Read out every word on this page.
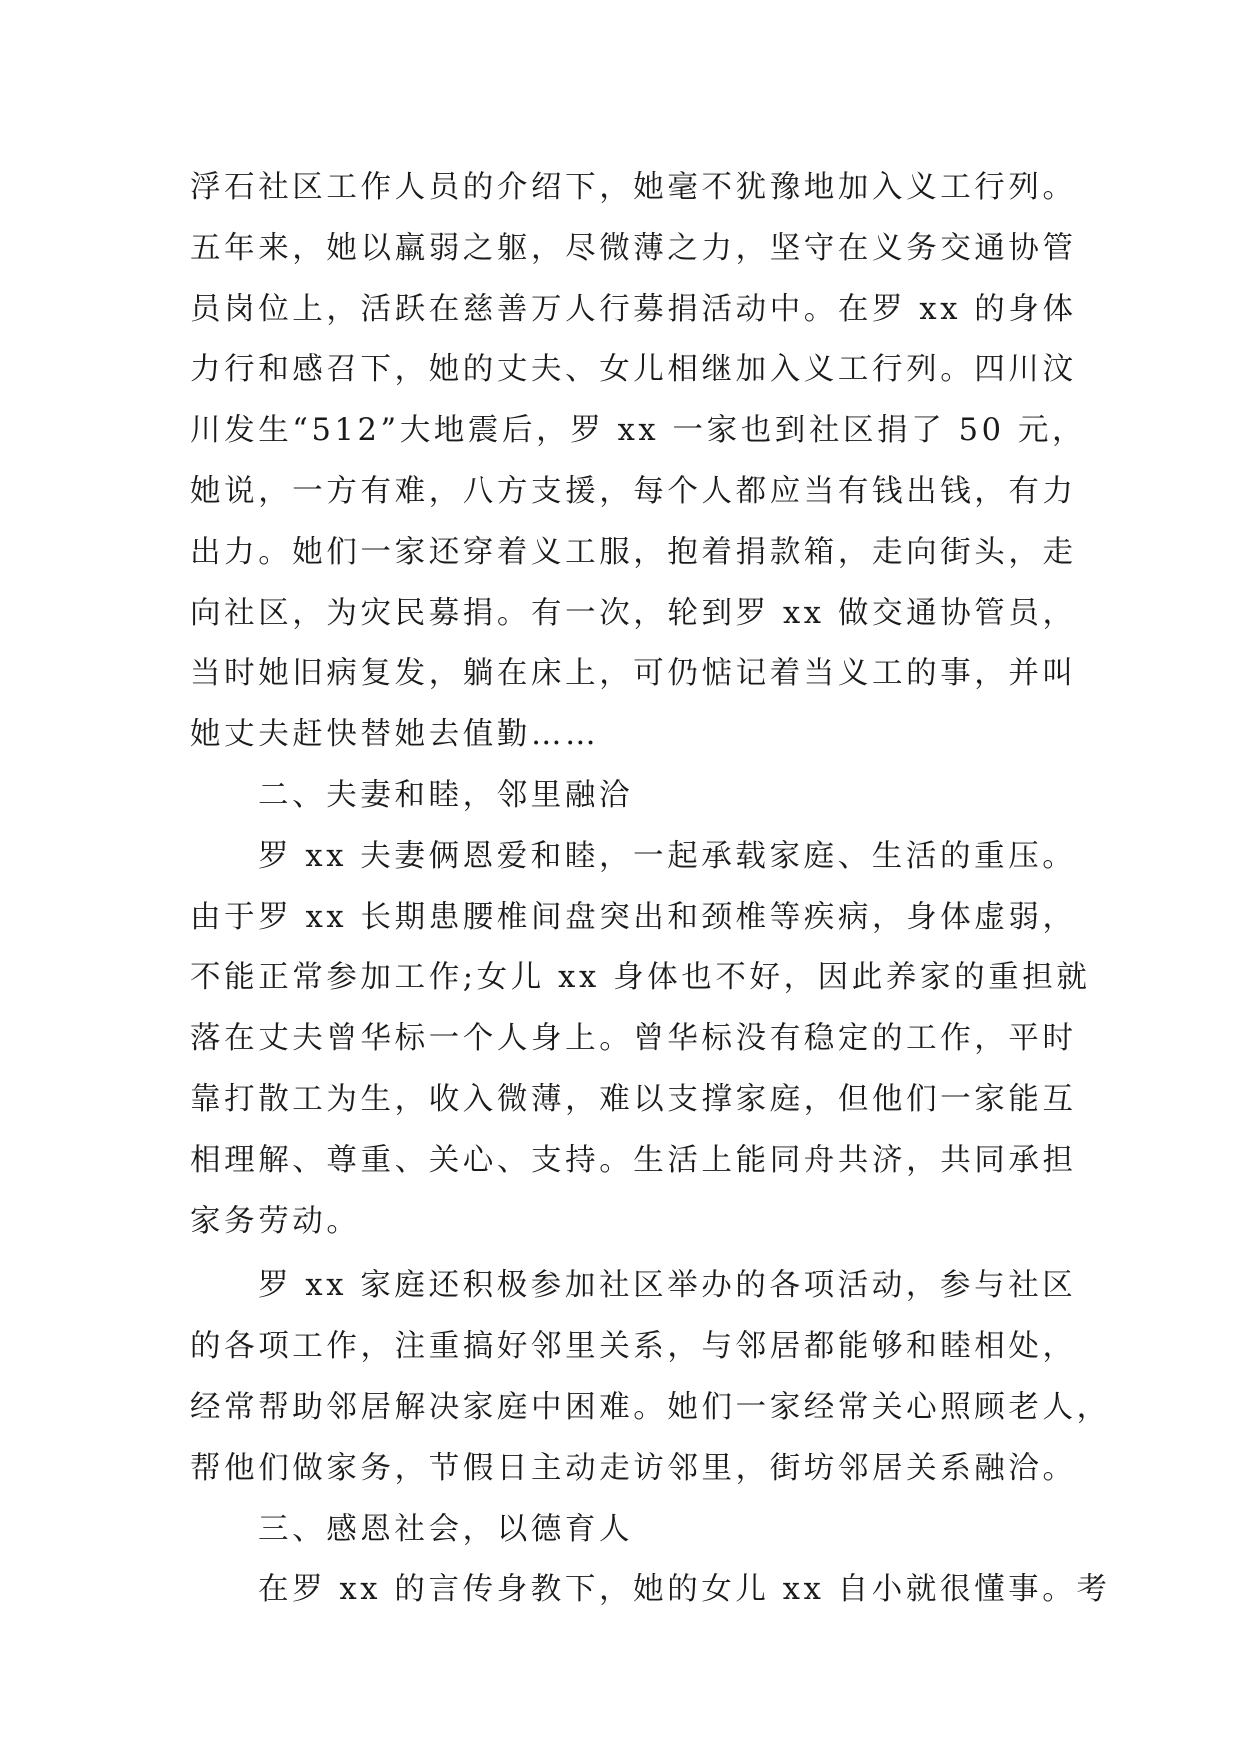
浮石社区工作人员的介绍下，她毫不犹豫地加入义工行列。
五年来，她以羸弱之躯，尽微薄之力，坚守在义务交通协管
员岗位上，活跃在慈善万人行募捐活动中。在罗 xx 的身体
力行和感召下，她的丈夫、女儿相继加入义工行列。四川汶
川发生“512”大地震后，罗 xx 一家也到社区捐了 50 元，
她说，一方有难，八方支援，每个人都应当有钱出钱，有力
出力。她们一家还穿着义工服，抱着捐款箱，走向街头，走
向社区，为灾民募捐。有一次，轮到罗 xx 做交通协管员，
当时她旧病复发，躺在床上，可仍惦记着当义工的事，并叫
她丈夫赶快替她去值勤……
二、夫妻和睦，邻里融洽
罗 xx 夫妻俩恩爱和睦，一起承载家庭、生活的重压。
由于罗 xx 长期患腰椎间盘突出和颈椎等疾病，身体虚弱，
不能正常参加工作;女儿 xx 身体也不好，因此养家的重担就
落在丈夫曾华标一个人身上。曾华标没有稳定的工作，平时
靠打散工为生，收入微薄，难以支撑家庭，但他们一家能互
相理解、尊重、关心、支持。生活上能同舟共济，共同承担
家务劳动。
罗 xx 家庭还积极参加社区举办的各项活动，参与社区
的各项工作，注重搞好邻里关系，与邻居都能够和睦相处，
经常帮助邻居解决家庭中困难。她们一家经常关心照顾老人，
帮他们做家务，节假日主动走访邻里，街坊邻居关系融洽。
三、感恩社会，以德育人
在罗 xx 的言传身教下，她的女儿 xx 自小就很懂事。考
